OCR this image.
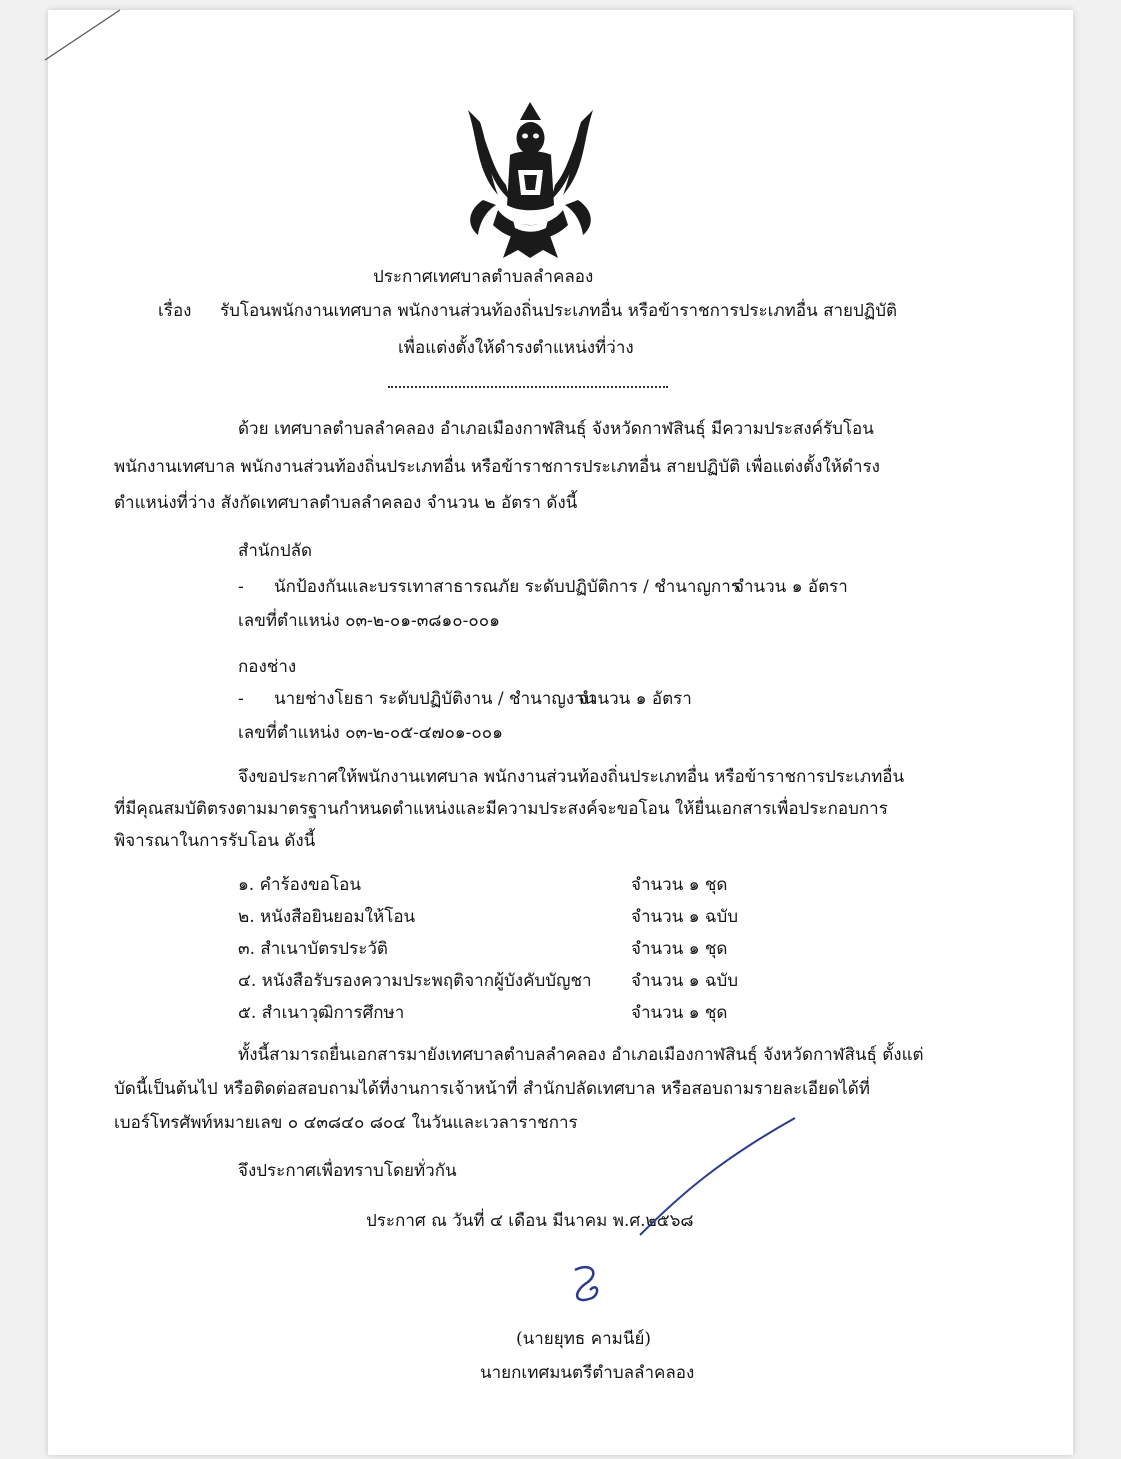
ประกาศเทศบาลตำบลลำคลอง
เรื่อง รับโอนพนักงานเทศบาล พนักงานส่วนท้องถิ่นประเภทอื่น หรือข้าราชการประเภทอื่น สายปฏิบัติ
เพื่อแต่งตั้งให้ดำรงตำแหน่งที่ว่าง
ด้วย เทศบาลตำบลลำคลอง อำเภอเมืองกาฬสินธุ์ จังหวัดกาฬสินธุ์ มีความประสงค์รับโอน
พนักงานเทศบาล พนักงานส่วนท้องถิ่นประเภทอื่น หรือข้าราชการประเภทอื่น สายปฏิบัติ เพื่อแต่งตั้งให้ดำรง
ตำแหน่งที่ว่าง สังกัดเทศบาลตำบลลำคลอง จำนวน ๒ อัตรา ดังนี้
สำนักปลัด
- นักป้องกันและบรรเทาสาธารณภัย ระดับปฏิบัติการ / ชำนาญการ
จำนวน ๑ อัตรา
เลขที่ตำแหน่ง ๐๓-๒-๐๑-๓๘๑๐-๐๐๑
กองช่าง
- นายช่างโยธา ระดับปฏิบัติงาน / ชำนาญงาน
จำนวน ๑ อัตรา
เลขที่ตำแหน่ง ๐๓-๒-๐๕-๔๗๐๑-๐๐๑
จึงขอประกาศให้พนักงานเทศบาล พนักงานส่วนท้องถิ่นประเภทอื่น หรือข้าราชการประเภทอื่น
ที่มีคุณสมบัติตรงตามมาตรฐานกำหนดตำแหน่งและมีความประสงค์จะขอโอน ให้ยื่นเอกสารเพื่อประกอบการ
พิจารณาในการรับโอน ดังนี้
๑. คำร้องขอโอน	จำนวน ๑ ชุด
๒. หนังสือยินยอมให้โอน	จำนวน ๑ ฉบับ
๓. สำเนาบัตรประวัติ	จำนวน ๑ ชุด
๔. หนังสือรับรองความประพฤติจากผู้บังคับบัญชา จำนวน ๑ ฉบับ
๕. สำเนาวุฒิการศึกษา	จำนวน ๑ ชุด
ทั้งนี้สามารถยื่นเอกสารมายังเทศบาลตำบลลำคลอง อำเภอเมืองกาฬสินธุ์ จังหวัดกาฬสินธุ์ ตั้งแต่
บัดนี้เป็นต้นไป หรือติดต่อสอบถามได้ที่งานการเจ้าหน้าที่ สำนักปลัดเทศบาล หรือสอบถามรายละเอียดได้ที่
เบอร์โทรศัพท์หมายเลข ๐ ๔๓๘๔๐ ๘๐๔ ในวันและเวลาราชการ
จึงประกาศเพื่อทราบโดยทั่วกัน
ประกาศ ณ วันที่ ๔ เดือน มีนาคม พ.ศ.๒๕๖๘
(นายยุทธ คามนีย์)
นายกเทศมนตรีตำบลลำคลอง
